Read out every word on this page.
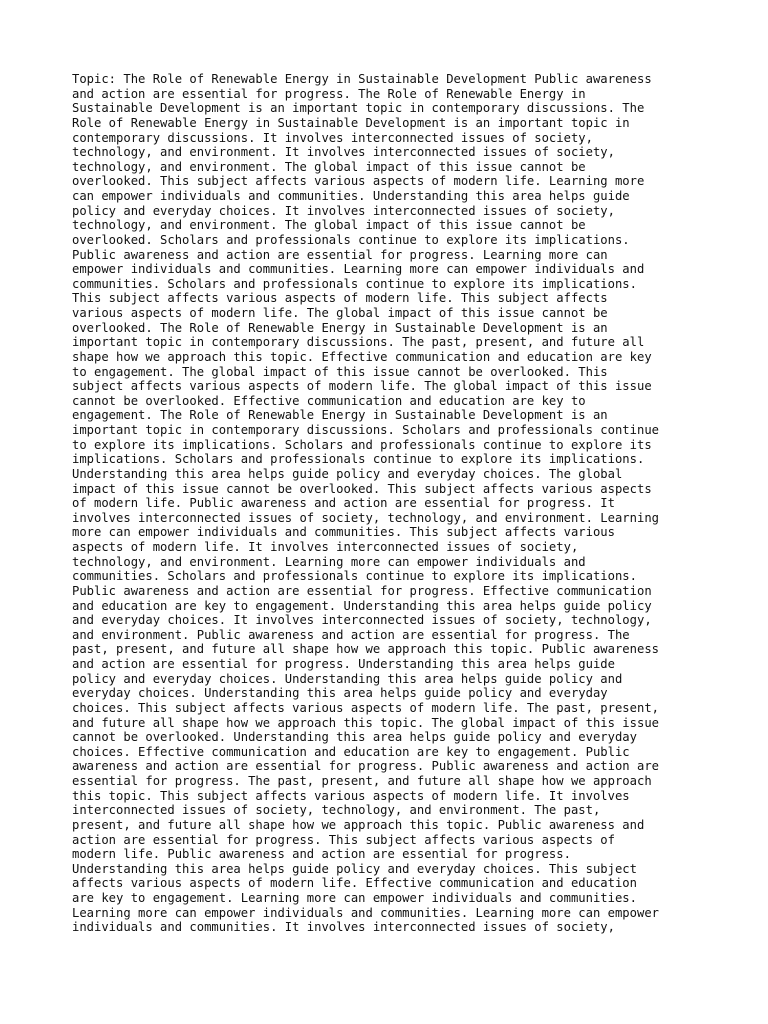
Topic: The Role of Renewable Energy in Sustainable Development Public awareness
and action are essential for progress. The Role of Renewable Energy in
Sustainable Development is an important topic in contemporary discussions. The
Role of Renewable Energy in Sustainable Development is an important topic in
contemporary discussions. It involves interconnected issues of society,
technology, and environment. It involves interconnected issues of society,
technology, and environment. The global impact of this issue cannot be
overlooked. This subject affects various aspects of modern life. Learning more
can empower individuals and communities. Understanding this area helps guide
policy and everyday choices. It involves interconnected issues of society,
technology, and environment. The global impact of this issue cannot be
overlooked. Scholars and professionals continue to explore its implications.
Public awareness and action are essential for progress. Learning more can
empower individuals and communities. Learning more can empower individuals and
communities. Scholars and professionals continue to explore its implications.
This subject affects various aspects of modern life. This subject affects
various aspects of modern life. The global impact of this issue cannot be
overlooked. The Role of Renewable Energy in Sustainable Development is an
important topic in contemporary discussions. The past, present, and future all
shape how we approach this topic. Effective communication and education are key
to engagement. The global impact of this issue cannot be overlooked. This
subject affects various aspects of modern life. The global impact of this issue
cannot be overlooked. Effective communication and education are key to
engagement. The Role of Renewable Energy in Sustainable Development is an
important topic in contemporary discussions. Scholars and professionals continue
to explore its implications. Scholars and professionals continue to explore its
implications. Scholars and professionals continue to explore its implications.
Understanding this area helps guide policy and everyday choices. The global
impact of this issue cannot be overlooked. This subject affects various aspects
of modern life. Public awareness and action are essential for progress. It
involves interconnected issues of society, technology, and environment. Learning
more can empower individuals and communities. This subject affects various
aspects of modern life. It involves interconnected issues of society,
technology, and environment. Learning more can empower individuals and
communities. Scholars and professionals continue to explore its implications.
Public awareness and action are essential for progress. Effective communication
and education are key to engagement. Understanding this area helps guide policy
and everyday choices. It involves interconnected issues of society, technology,
and environment. Public awareness and action are essential for progress. The
past, present, and future all shape how we approach this topic. Public awareness
and action are essential for progress. Understanding this area helps guide
policy and everyday choices. Understanding this area helps guide policy and
everyday choices. Understanding this area helps guide policy and everyday
choices. This subject affects various aspects of modern life. The past, present,
and future all shape how we approach this topic. The global impact of this issue
cannot be overlooked. Understanding this area helps guide policy and everyday
choices. Effective communication and education are key to engagement. Public
awareness and action are essential for progress. Public awareness and action are
essential for progress. The past, present, and future all shape how we approach
this topic. This subject affects various aspects of modern life. It involves
interconnected issues of society, technology, and environment. The past,
present, and future all shape how we approach this topic. Public awareness and
action are essential for progress. This subject affects various aspects of
modern life. Public awareness and action are essential for progress.
Understanding this area helps guide policy and everyday choices. This subject
affects various aspects of modern life. Effective communication and education
are key to engagement. Learning more can empower individuals and communities.
Learning more can empower individuals and communities. Learning more can empower
individuals and communities. It involves interconnected issues of society,
